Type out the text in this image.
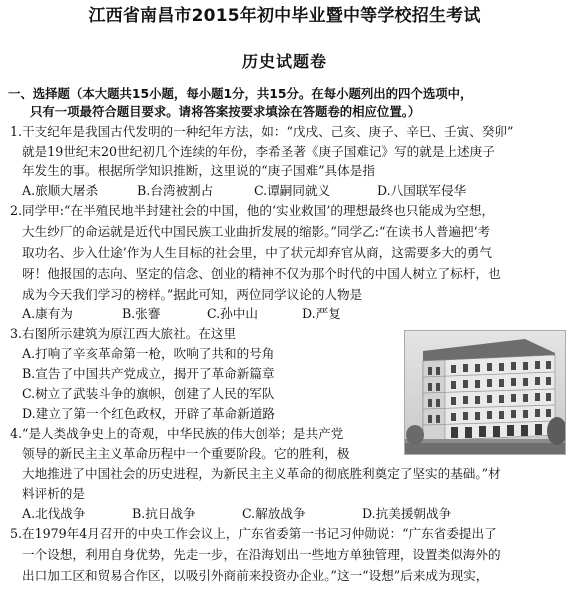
江西省南昌市2015年初中毕业暨中等学校招生考试
历史试题卷
一、选择题（本大题共15小题，每小题1分，共15分。在每小题列出的四个选项中，
只有一项最符合题目要求。请将答案按要求填涂在答题卷的相应位置。）
1.干支纪年是我国古代发明的一种纪年方法，如：“戊戌、己亥、庚子、辛巳、壬寅、癸卯”
就是19世纪末20世纪初几个连续的年份，李希圣著《庚子国难记》写的就是上述庚子
年发生的事。根据所学知识推断，这里说的“庚子国难”具体是指
A.旅顺大屠杀	B.台湾被割占	C.谭嗣同就义	D.八国联军侵华
2.同学甲:“在半殖民地半封建社会的中国，他的‘实业救国’的理想最终也只能成为空想，
大生纱厂的命运就是近代中国民族工业曲折发展的缩影。”同学乙:“在读书人普遍把‘考
取功名、步入仕途’作为人生目标的社会里，中了状元却弃官从商，这需要多大的勇气
呀！他报国的志向、坚定的信念、创业的精神不仅为那个时代的中国人树立了标杆，也
成为今天我们学习的榜样。”据此可知，两位同学议论的人物是
A.康有为	B.张謇	C.孙中山	D.严复
3.右图所示建筑为原江西大旅社。在这里
A.打响了辛亥革命第一枪，吹响了共和的号角
B.宣告了中国共产党成立，揭开了革命新篇章
C.树立了武装斗争的旗帜，创建了人民的军队
D.建立了第一个红色政权，开辟了革命新道路
4.“是人类战争史上的奇观，中华民族的伟大创举；是共产党
领导的新民主主义革命历程中一个重要阶段。它的胜利，极
大地推进了中国社会的历史进程，为新民主主义革命的彻底胜利奠定了坚实的基础。”材
料评析的是
A.北伐战争	B.抗日战争	C.解放战争	D.抗美援朝战争
5.在1979年4月召开的中央工作会议上，广东省委第一书记习仲勋说：“广东省委提出了
一个设想，利用自身优势，先走一步，在沿海划出一些地方单独管理，设置类似海外的
出口加工区和贸易合作区，以吸引外商前来投资办企业。”这一“设想”后来成为现实，
